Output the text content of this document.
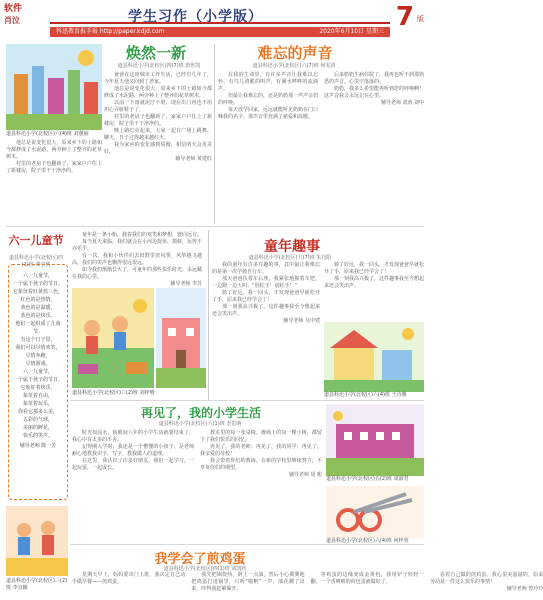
软件
肖泣	学生习作（小学版）	7 版
科迅教育报手报 http://paper.kdjd.com	2020年6月10日 星期三
焕然一新
道县科迅小学(北校区)四(7)班 唐世凯
道县科迅小学(北校区)六(4)班 刘蕙丽

爸爸在这座城市工作生活，已经有几年了，今年夏天他又回到了老家。

他总是说变化很大，原来乡下的土路如今都修成了水泥路，两旁种上了整齐的花草树木。

以前一下雨就泥泞不堪，现在出门再也不用担心弄脏鞋子了。

村里的老房子也翻新了，家家户户住上了新楼房，院子里干干净净的。

晚上路灯亮起来，大家一起在广场上跳舞、聊天，日子过得越来越红火。

我为家乡的变化感到骄傲，相信明天会更美好。

辅导老师 黄建红

他总是说变化很大，原来乡下的土路如今都修成了水泥路，两旁种上了整齐的花草树木。

村里的老房子也翻新了，家家户户住上了新楼房，院子里干干净净的。

难忘的声音
道县科迅小学(北校区)六(7)班 何雯清

在我的生命里，有许多声音让我难以忘怀，有鸟儿清脆的叫声，有溪水哗哗的流淌声。

但最让我难忘的，还是奶奶那一声声亲切的呼唤。

每天放学回家，远远就能听见奶奶在门口喊我的名字，那声音里充满了慈爱和温暖。

后来奶奶生病住院了，我再也听不到那熟悉的声音，心里空落落的。

奶奶，我多么希望能再听到您的呼唤啊！这声音我会永远记在心里。

辅导老师 刘涛 刘中

六一儿童节
道县科迅小学(北校区)四(1)班 谭宇欣
六一儿童节，
一个属于孩子的节日。
它象征着红黄蓝三色，
红色的是热情，
黄色的是温暖，
蓝色的是快乐。
他们一起组成了儿童节。
有这个日子里，
我们可以尽情欢笑，
尽情奔跑，
尽情游戏。
六一儿童节，
一个属于孩子的节日，
它象征着快乐，
象征着自由，
象征着玩乐，
你看它那多么美，
五彩的气球，
美丽的鲜花，
快乐的笑声。
辅导老师 陈一芳

童年是一条小船，载着我们的欢笑和梦想，驶向远方。

每当夏天来临，我们就会在小河边捉鱼、摸虾，玩得不亦乐乎。

有一次，我和小伙伴们去田野里放风筝，风筝越飞越高，我们的笑声也飘得很远很远。

如今我们渐渐长大了，可童年的那些快乐时光，永远藏在我的心里。

辅导老师 李苏

道县科迅小学(北校区)三(2)班 刘梓晴
童年趣事
道县科迅小学(北校区)五(7)班 朱丹阳

我的童年有许多有趣的事，其中最让我难忘的是第一次学骑自行车。

那天爸爸扶着车后座，我紧张地握着车把，一边蹬一边大叫：“别松手！别松手！”

骑了好远，我一回头，才发现爸爸早就松开了手，原来我已经学会了！

那一刻我高兴极了，这件趣事我至今想起来还会笑出声。

辅导老师 吴中建

骑了好远，我一回头，才发现爸爸早就松开了手，原来我已经学会了！

那一刻我高兴极了，这件趣事我至今想起来还会笑出声。

道县科迅小学(北校区)六(4)班 王诗雅
再见了，我的小学生活
道县科迅小学(北校区)六(1)班 李思萌

时光如流水，转眼间六年的小学生活就要结束了，我心中有太多的不舍。

记得刚入学时，我还是一个懵懂的小孩子，是老师耐心地教我识字、写字，教我做人的道理。

在这里，我认识了许多好朋友，我们一起学习，一起玩耍，一起成长。

教室里的每一张桌椅，操场上的每一棵小树，都留下了我们快乐的回忆。

再见了，我的老师；再见了，我的同学；再见了，我亲爱的母校！

我会带着你们的教诲，在新的学校里继续努力，不辜负你们的期望。

辅导老师 胡 彬

道县科迅小学(北校区)五(2)班 周淑君
道县科迅小学(北校区)六(4)班 何梓萱
道县科迅小学(北校区)三(2)班 李宜颖
我学会了煎鸡蛋
道县科迅小学(北校区)四(1)班 刘凯欣

星期天早上，妈妈要出门上班，我决定自己动手做早餐——煎鸡蛋。

我先把锅烧热，倒上一点油，然后小心翼翼地把鸡蛋打进锅里，只听“嗞啦”一声，油花溅了出来，吓得我赶紧躲开。

等鸡蛋的边缘变成金黄色，我用铲子轻轻一翻，一个香喷喷的荷包蛋就做好了。

看着自己做的煎鸡蛋，我心里美滋滋的，原来劳动是一件这么快乐的事情！

辅导老师 曾玲玲
